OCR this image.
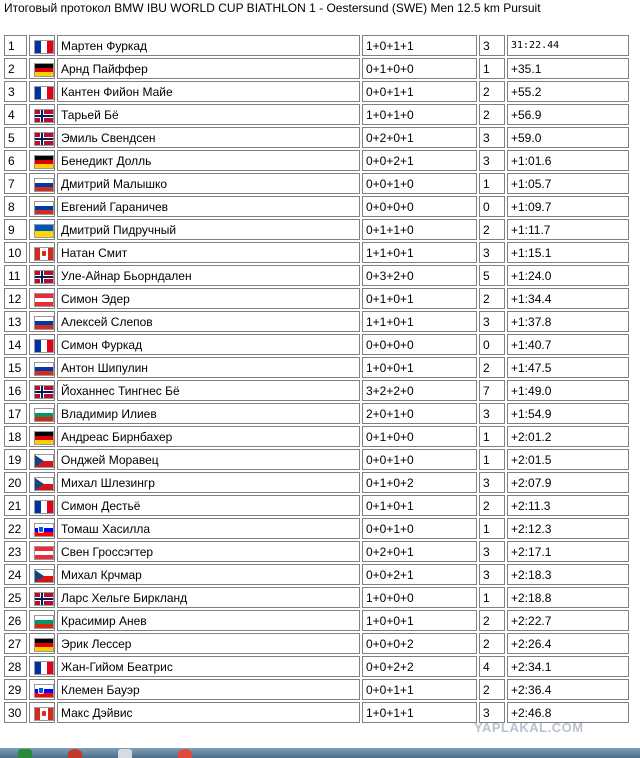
Итоговый протокол BMW IBU WORLD CUP BIATHLON 1 - Oestersund (SWE) Men 12.5 km Pursuit
1		Мартен Фуркад	1+0+1+1	3	31:22.44
2		Арнд Пайффер	0+1+0+0	1	+35.1
3		Кантен Фийон Майе	0+0+1+1	2	+55.2
4		Тарьей Бё	1+0+1+0	2	+56.9
5		Эмиль Свендсен	0+2+0+1	3	+59.0
6		Бенедикт Долль	0+0+2+1	3	+1:01.6
7		Дмитрий Малышко	0+0+1+0	1	+1:05.7
8		Евгений Гараничев	0+0+0+0	0	+1:09.7
9		Дмитрий Пидручный	0+1+1+0	2	+1:11.7
10		Натан Смит	1+1+0+1	3	+1:15.1
11		Уле-Айнар Бьорндален	0+3+2+0	5	+1:24.0
12		Симон Эдер	0+1+0+1	2	+1:34.4
13		Алексей Слепов	1+1+0+1	3	+1:37.8
14		Симон Фуркад	0+0+0+0	0	+1:40.7
15		Антон Шипулин	1+0+0+1	2	+1:47.5
16		Йоханнес Тингнес Бё	3+2+2+0	7	+1:49.0
17		Владимир Илиев	2+0+1+0	3	+1:54.9
18		Андреас Бирнбахер	0+1+0+0	1	+2:01.2
19		Онджей Моравец	0+0+1+0	1	+2:01.5
20		Михал Шлезингр	0+1+0+2	3	+2:07.9
21		Симон Дестьё	0+1+0+1	2	+2:11.3
22		Томаш Хасилла	0+0+1+0	1	+2:12.3
23		Свен Гроссэгтер	0+2+0+1	3	+2:17.1
24		Михал Крчмар	0+0+2+1	3	+2:18.3
25		Ларс Хельге Биркланд	1+0+0+0	1	+2:18.8
26		Красимир Анев	1+0+0+1	2	+2:22.7
27		Эрик Лессер	0+0+0+2	2	+2:26.4
28		Жан-Гийом Беатрис	0+0+2+2	4	+2:34.1
29		Клемен Бауэр	0+0+1+1	2	+2:36.4
30		Макс Дэйвис	1+0+1+1	3	+2:46.8
YAPLAKAL.COM
